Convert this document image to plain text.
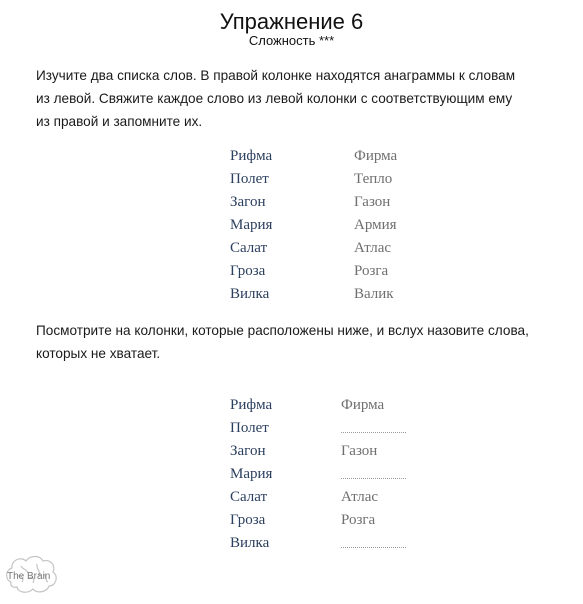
Упражнение 6
Сложность ***
Изучите два списка слов. В правой колонке находятся анаграммы к словам
из левой. Свяжите каждое слово из левой колонки с соответствующим ему
из правой и запомните их.
Рифма	Фирма
Полет	Тепло
Загон	Газон
Мария	Армия
Салат	Атлас
Гроза	Розга
Вилка	Валик
Посмотрите на колонки, которые расположены ниже, и вслух назовите слова,
которых не хватает.
Рифма	Фирма
Полет
Загон	Газон
Мария
Салат	Атлас
Гроза	Розга
Вилка
The Brain
